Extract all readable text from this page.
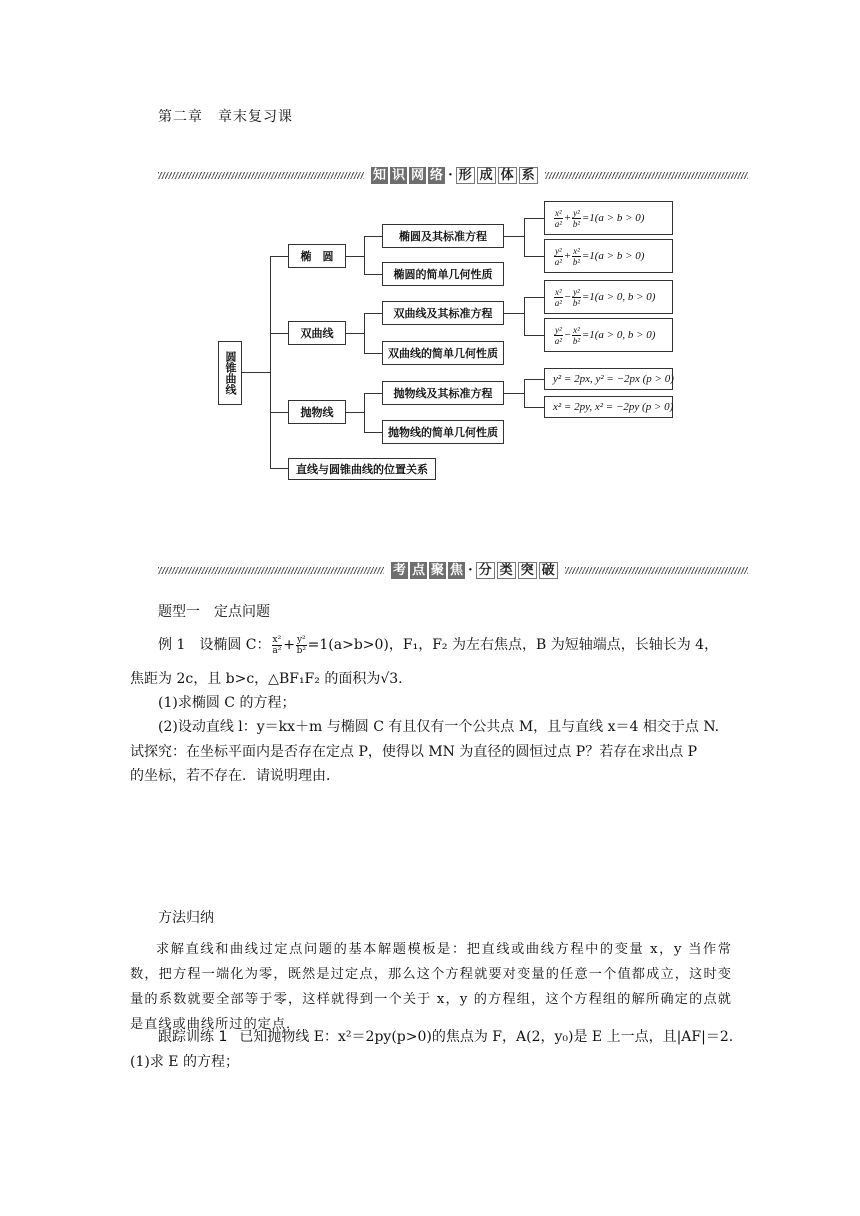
第二章　章末复习课
知 识 网 络 · 形 成 体 系
圆锥曲线
椭　圆
双曲线
抛物线
直线与圆锥曲线的位置关系
椭圆及其标准方程
椭圆的简单几何性质
双曲线及其标准方程
双曲线的简单几何性质
抛物线及其标准方程
抛物线的简单几何性质
$\frac{\text{x²}}{\text{a²}} + \frac{\text{y²}}{\text{b²}} =1(a > b > 0)$
$\frac{\text{y²}}{\text{a²}} + \frac{\text{x²}}{\text{b²}} =1(a > b > 0)$
$\frac{\text{x²}}{\text{a²}} - \frac{\text{y²}}{\text{b²}} =1(a > 0$, b > 0)
$\frac{\text{y²}}{\text{a²}} - \frac{\text{x²}}{\text{b²}} =1(a > 0$, b > 0)
y² = 2px, y² = −2px (p > 0)
x² = 2py, x² = −2py (p > 0)
考 点 聚 焦 · 分 类 突 破
题型一　定点问题
例 1 设椭圆 C： $\frac{\text{x²}}{\text{a²}} + \frac{\text{y²}}{\text{b²}} =1(a>b>0)$，F₁，F₂ 为左右焦点，B 为短轴端点，长轴长为 4，
焦距为 2c，且 b>c，△BF₁F₂ 的面积为√3.
(1)求椭圆 C 的方程；
(2)设动直线 l：y＝kx＋m 与椭圆 C 有且仅有一个公共点 M，且与直线 x＝4 相交于点 N.
试探究：在坐标平面内是否存在定点 P，使得以 MN 为直径的圆恒过点 P？若存在求出点 P
的坐标，若不存在．请说明理由．
方法归纳
求解直线和曲线过定点问题的基本解题模板是：把直线或曲线方程中的变量 x，y 当作常数，把方程一端化为零，既然是过定点，那么这个方程就要对变量的任意一个值都成立，这时变量的系数就要全部等于零，这样就得到一个关于 x，y 的方程组，这个方程组的解所确定的点就是直线或曲线所过的定点．
跟踪训练 1 已知抛物线 E：x²＝2py(p>0)的焦点为 F，A(2，y₀)是 E 上一点，且|AF|＝2.
(1)求 E 的方程；
